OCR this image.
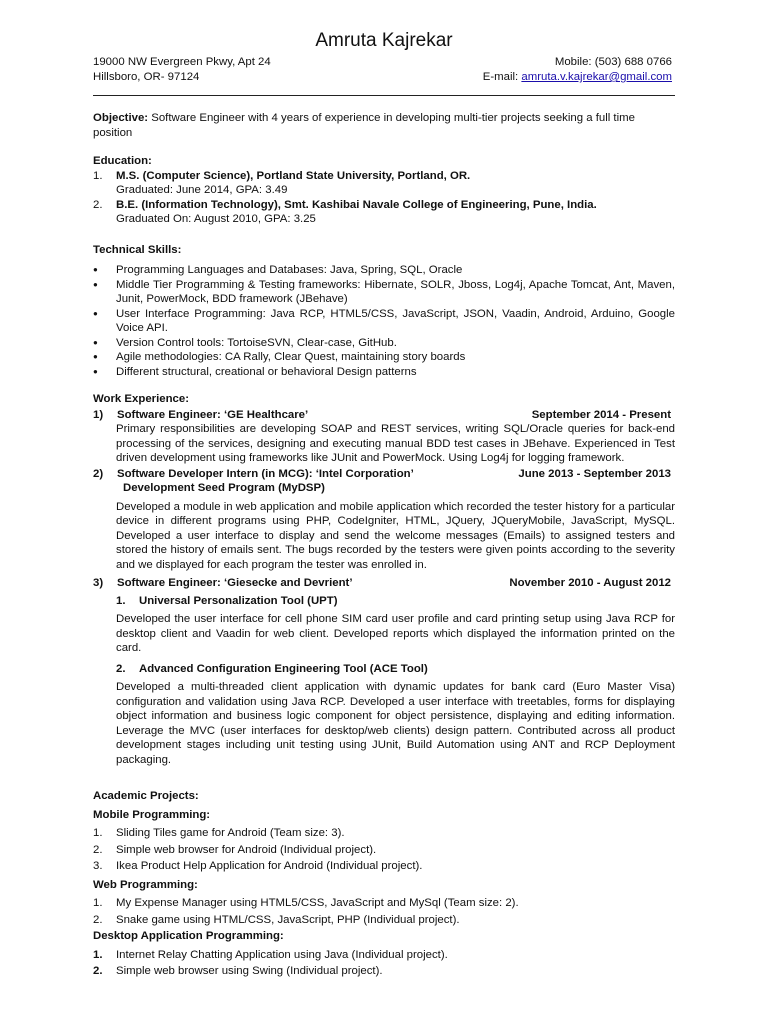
Amruta Kajrekar
19000 NW Evergreen Pkwy, Apt 24
Hillsboro, OR- 97124
Mobile: (503) 688 0766
E-mail: amruta.v.kajrekar@gmail.com
Objective: Software Engineer with 4 years of experience in developing multi-tier projects seeking a full time position
Education:
1.	M.S. (Computer Science), Portland State University, Portland, OR.
Graduated: June 2014, GPA: 3.49
2.	B.E. (Information Technology), Smt. Kashibai Navale College of Engineering, Pune, India.
Graduated On: August 2010, GPA: 3.25
Technical Skills:
●	Programming Languages and Databases: Java, Spring, SQL, Oracle
●	Middle Tier Programming & Testing frameworks: Hibernate, SOLR, Jboss, Log4j, Apache Tomcat, Ant, Maven, Junit, PowerMock, BDD framework (JBehave)
●	User Interface Programming: Java RCP, HTML5/CSS, JavaScript, JSON, Vaadin, Android, Arduino, Google Voice API.
●	Version Control tools: TortoiseSVN, Clear-case, GitHub.
●	Agile methodologies: CA Rally, Clear Quest, maintaining story boards
●	Different structural, creational or behavioral Design patterns
Work Experience:
1)	Software Engineer: ‘GE Healthcare’	September 2014 - Present
Primary responsibilities are developing SOAP and REST services, writing SQL/Oracle queries for back-end processing of the services, designing and executing manual BDD test cases in JBehave. Experienced in Test driven development using frameworks like JUnit and PowerMock. Using Log4j for logging framework.
2)	Software Developer Intern (in MCG): ‘Intel Corporation’	June 2013 - September 2013
Development Seed Program (MyDSP)
Developed a module in web application and mobile application which recorded the tester history for a particular device in different programs using PHP, CodeIgniter, HTML, JQuery, JQueryMobile, JavaScript, MySQL. Developed a user interface to display and send the welcome messages (Emails) to assigned testers and stored the history of emails sent. The bugs recorded by the testers were given points according to the severity and we displayed for each program the tester was enrolled in.
3)	Software Engineer: ‘Giesecke and Devrient’	November 2010 - August 2012
1.	Universal Personalization Tool (UPT)
Developed the user interface for cell phone SIM card user profile and card printing setup using Java RCP for desktop client and Vaadin for web client. Developed reports which displayed the information printed on the card.
2.	Advanced Configuration Engineering Tool (ACE Tool)
Developed a multi-threaded client application with dynamic updates for bank card (Euro Master Visa) configuration and validation using Java RCP. Developed a user interface with treetables, forms for displaying object information and business logic component for object persistence, displaying and editing information. Leverage the MVC (user interfaces for desktop/web clients) design pattern. Contributed across all product development stages including unit testing using JUnit, Build Automation using ANT and RCP Deployment packaging.
Academic Projects:
Mobile Programming:
1.	Sliding Tiles game for Android (Team size: 3).
2.	Simple web browser for Android (Individual project).
3.	Ikea Product Help Application for Android (Individual project).
Web Programming:
1.	My Expense Manager using HTML5/CSS, JavaScript and MySql (Team size: 2).
2.	Snake game using HTML/CSS, JavaScript, PHP (Individual project).
Desktop Application Programming:
1.	Internet Relay Chatting Application using Java (Individual project).
2.	Simple web browser using Swing (Individual project).
